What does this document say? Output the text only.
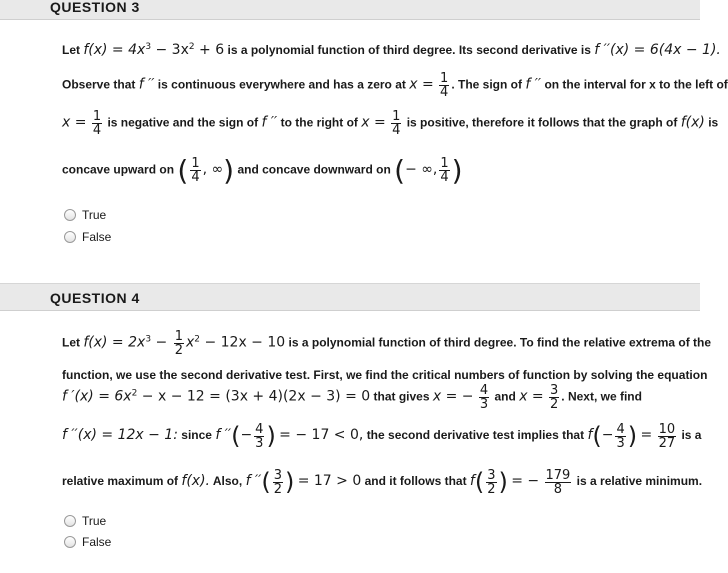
QUESTION 3
Let $f(x) = 4x^3 - 3x^2 + 6$ is a polynomial function of third degree. Its second derivative is f ′′(x) = 6(4x − 1).
Observe that f ′′ is continuous everywhere and has a zero at $x = \frac{1}{4}$ . The sign of f ′′ on the interval for x to the left of
$x = \frac{1}{4}$ is negative and the sign of f ′′ to the right of $x = \frac{1}{4}$ is positive, therefore it follows that the graph of f(x) is
concave upward on ( $\frac{1}{4}$ , ∞) and concave downward on (− ∞, $\frac{1}{4}$ )
True
False
QUESTION 4
Let $f(x) = 2x^3 - \frac{1}{2} x^2 - 12x - 10$ is a polynomial function of third degree. To find the relative extrema of the
function, we use the second derivative test. First, we find the critical numbers of function by solving the equation
f $'(x) = 6x^2 - x - 12 = (3x + 4)(2x - 3) = 0$ that gives x = − $\frac{4}{3}$ and $x = \frac{3}{2}$ . Next, we find
f ′′(x) = 12x − 1: since f ′′(− $\frac{4}{3}$ ) = − 17 < 0, the second derivative test implies that $f(- \frac{4}{3}$ ) = $\frac{10}{27}$ is a
relative maximum of f(x). Also, f ′′( $\frac{3}{2}$ ) = 17 > 0 and it follows that $f( \frac{3}{2}$ ) = − $\frac{179}{8}$ is a relative minimum.
True
False
